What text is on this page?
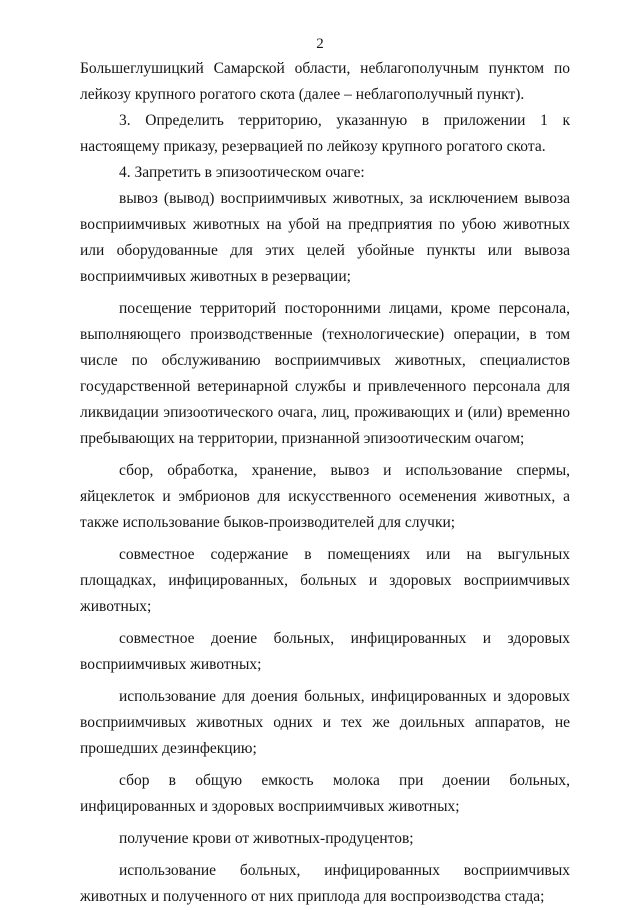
2

Большеглушицкий Самарской области, неблагополучным пунктом по лейкозу крупного рогатого скота (далее – неблагополучный пункт).

3. Определить территорию, указанную в приложении 1 к настоящему приказу, резервацией по лейкозу крупного рогатого скота.

4. Запретить в эпизоотическом очаге:

вывоз (вывод) восприимчивых животных, за исключением вывоза восприимчивых животных на убой на предприятия по убою животных или оборудованные для этих целей убойные пункты или вывоза восприимчивых животных в резервации;

посещение территорий посторонними лицами, кроме персонала, выполняющего производственные (технологические) операции, в том числе по обслуживанию восприимчивых животных, специалистов государственной ветеринарной службы и привлеченного персонала для ликвидации эпизоотического очага, лиц, проживающих и (или) временно пребывающих на территории, признанной эпизоотическим очагом;

сбор, обработка, хранение, вывоз и использование спермы, яйцеклеток и эмбрионов для искусственного осеменения животных, а также использование быков-производителей для случки;

совместное содержание в помещениях или на выгульных площадках, инфицированных, больных и здоровых восприимчивых животных;

совместное доение больных, инфицированных и здоровых восприимчивых животных;

использование для доения больных, инфицированных и здоровых восприимчивых животных одних и тех же доильных аппаратов, не прошедших дезинфекцию;

сбор в общую емкость молока при доении больных, инфицированных и здоровых восприимчивых животных;

получение крови от животных-продуцентов;

использование больных, инфицированных восприимчивых животных и полученного от них приплода для воспроизводства стада;
